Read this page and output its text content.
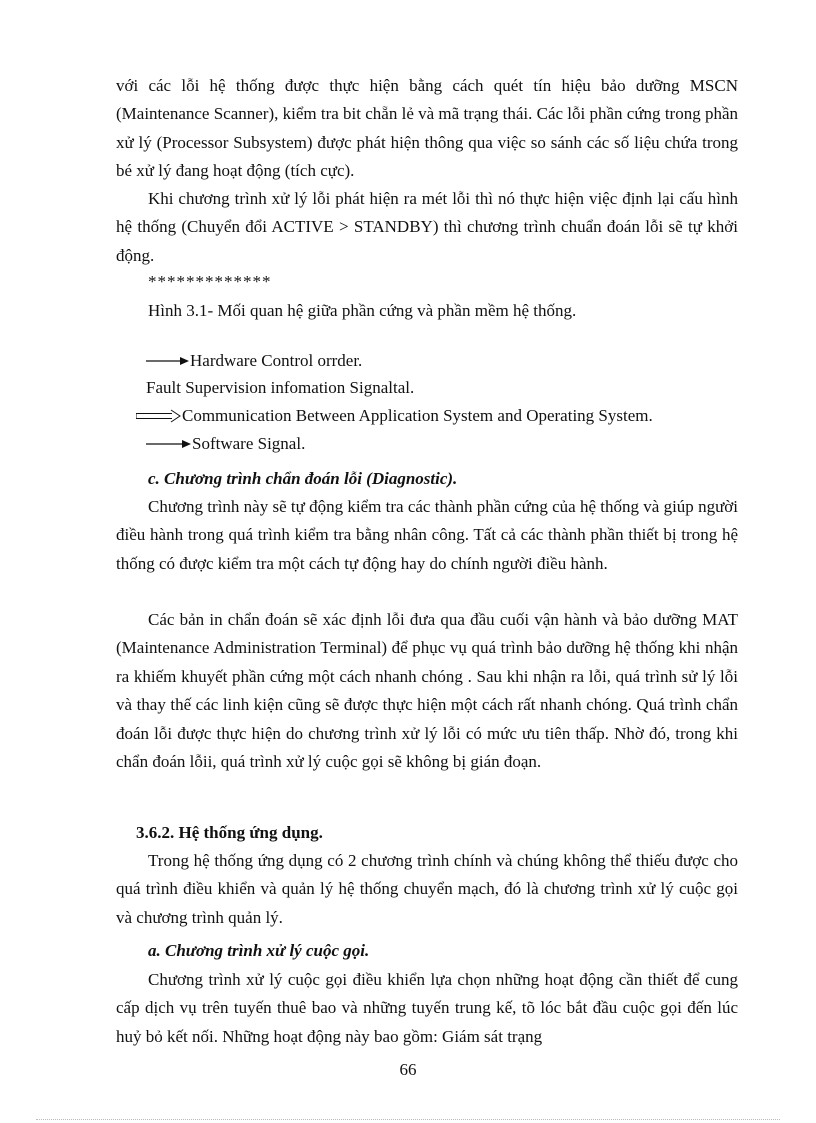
với các lỗi hệ thống được thực hiện bằng cách quét tín hiệu bảo dưỡng MSCN (Maintenance Scanner), kiểm tra bit chẵn lẻ và mã trạng thái. Các lỗi phần cứng trong phần xử lý (Processor Subsystem) được phát hiện thông qua việc so sánh các số liệu chứa trong bé xử lý đang hoạt động (tích cực).

Khi chương trình xử lý lỗi phát hiện ra mét lỗi thì nó thực hiện việc định lại cấu hình hệ thống (Chuyển đổi ACTIVE > STANDBY) thì chương trình chuẩn đoán lỗi sẽ tự khởi động.

*************

Hình 3.1- Mối quan hệ giữa phần cứng và phần mềm hệ thống.

Hardware Control orrder.
Fault Supervision infomation Signaltal.
Communication Between Application System and Operating System.
Software Signal.

c. Chương trình chẩn đoán lỗi (Diagnostic).

Chương trình này sẽ tự động kiểm tra các thành phần cứng của hệ thống và giúp người điều hành trong quá trình kiểm tra bằng nhân công. Tất cả các thành phần thiết bị trong hệ thống có được kiểm tra một cách tự động hay do chính người điều hành.

Các bản in chẩn đoán sẽ xác định lỗi đưa qua đầu cuối vận hành và bảo dưỡng MAT (Maintenance Administration Terminal) để phục vụ quá trình bảo dưỡng hệ thống khi nhận ra khiếm khuyết phần cứng một cách nhanh chóng . Sau khi nhận ra lỗi, quá trình sử lý lỗi và thay thế các linh kiện cũng sẽ được thực hiện một cách rất nhanh chóng. Quá trình chẩn đoán lỗi được thực hiện do chương trình xử lý lỗi có mức ưu tiên thấp. Nhờ đó, trong khi chẩn đoán lỗii, quá trình xử lý cuộc gọi sẽ không bị gián đoạn.

3.6.2. Hệ thống ứng dụng.

Trong hệ thống ứng dụng có 2 chương trình chính và chúng không thể thiếu được cho quá trình điều khiển và quản lý hệ thống chuyển mạch, đó là chương trình xử lý cuộc gọi và chương trình quản lý.

a. Chương trình xử lý cuộc gọi.

Chương trình xử lý cuộc gọi điều khiển lựa chọn những hoạt động cần thiết để cung cấp dịch vụ trên tuyến thuê bao và những tuyến trung kế, tõ lóc bắt đầu cuộc gọi đến lúc huỷ bỏ kết nối. Những hoạt động này bao gồm: Giám sát trạng

66
